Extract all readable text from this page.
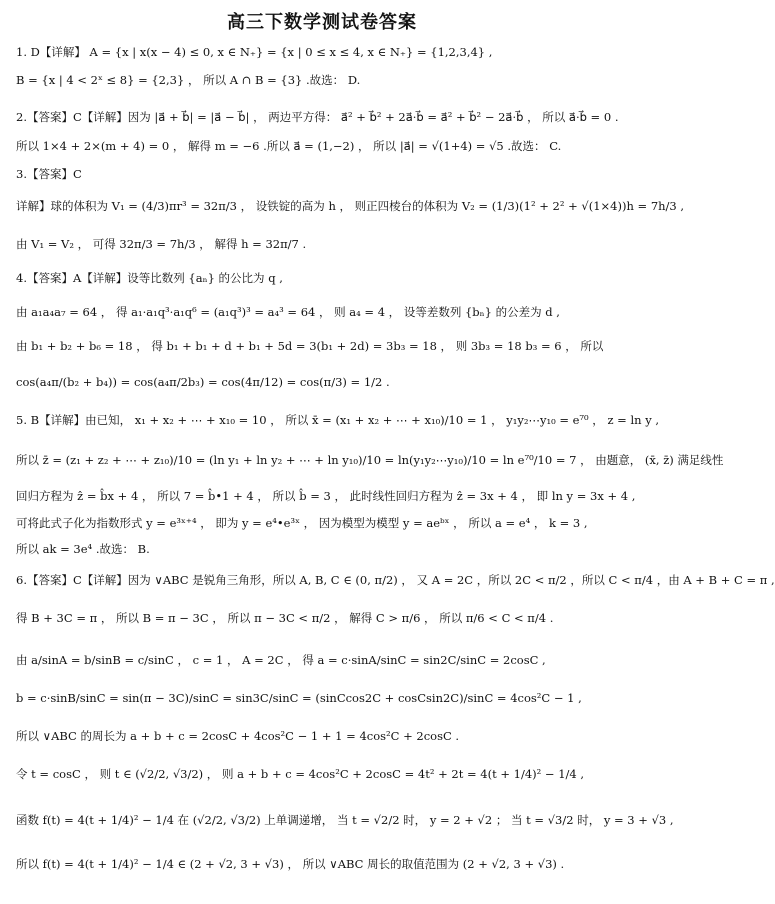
高三下数学测试卷答案
1. D【详解】 A = {x | x(x − 4) ≤ 0, x ∈ N₊} = {x | 0 ≤ x ≤ 4, x ∈ N₊} = {1,2,3,4} ,
B = {x | 4 < 2ˣ ≤ 8} = {2,3} ， 所以 A ∩ B = {3} .故选： D.
2.【答案】C【详解】因为 |a⃗ + b⃗| = |a⃗ − b⃗| ， 两边平方得： a⃗² + b⃗² + 2a⃗·b⃗ = a⃗² + b⃗² − 2a⃗·b⃗ ， 所以 a⃗·b⃗ = 0 .
所以 1×4 + 2×(m + 4) = 0 ， 解得 m = −6 .所以 a⃗ = (1,−2) ， 所以 |a⃗| = √(1+4) = √5 .故选： C.
3.【答案】C
详解】球的体积为 V₁ = (4/3)πr³ = 32π/3 ， 设铁锭的高为 h ， 则正四棱台的体积为 V₂ = (1/3)(1² + 2² + √(1×4))h = 7h/3 ,
由 V₁ = V₂ ， 可得 32π/3 = 7h/3 ， 解得 h = 32π/7 .
4.【答案】A【详解】设等比数列 {aₙ} 的公比为 q ,
由 a₁a₄a₇ = 64 ， 得 a₁·a₁q³·a₁q⁶ = (a₁q³)³ = a₄³ = 64 ， 则 a₄ = 4 ， 设等差数列 {bₙ} 的公差为 d ,
由 b₁ + b₂ + b₆ = 18 ， 得 b₁ + b₁ + d + b₁ + 5d = 3(b₁ + 2d) = 3b₃ = 18 ， 则 3b₃ = 18 b₃ = 6 ， 所以
cos(a₄π/(b₂ + b₄)) = cos(a₄π/2b₃) = cos(4π/12) = cos(π/3) = 1/2 .
5. B【详解】由已知， x₁ + x₂ + ⋯ + x₁₀ = 10 ， 所以 x̄ = (x₁ + x₂ + ⋯ + x₁₀)/10 = 1 ， y₁y₂⋯y₁₀ = e⁷⁰ ， z = ln y ,
所以 z̄ = (z₁ + z₂ + ⋯ + z₁₀)/10 = (ln y₁ + ln y₂ + ⋯ + ln y₁₀)/10 = ln(y₁y₂⋯y₁₀)/10 = ln e⁷⁰/10 = 7 ， 由题意， (x̄, z̄) 满足线性
回归方程为 ẑ = b̂x + 4 ， 所以 7 = b̂•1 + 4 ， 所以 b̂ = 3 ， 此时线性回归方程为 ẑ = 3x + 4 ， 即 ln y = 3x + 4 ,
可将此式子化为指数形式 y = e³ˣ⁺⁴ ， 即为 y = e⁴•e³ˣ ， 因为模型为模型 y = aeᵇˣ ， 所以 a = e⁴ ， k = 3 ,
所以 ak = 3e⁴ .故选： B.
6.【答案】C【详解】因为 ∨ABC 是锐角三角形，所以 A, B, C ∈ (0, π/2) ， 又 A = 2C ，所以 2C < π/2 ，所以 C < π/4 ，由 A + B + C = π ,
得 B + 3C = π ， 所以 B = π − 3C ， 所以 π − 3C < π/2 ， 解得 C > π/6 ， 所以 π/6 < C < π/4 .
由 a/sinA = b/sinB = c/sinC ， c = 1 ， A = 2C ， 得 a = c·sinA/sinC = sin2C/sinC = 2cosC ,
b = c·sinB/sinC = sin(π − 3C)/sinC = sin3C/sinC = (sinCcos2C + cosCsin2C)/sinC = 4cos²C − 1 ,
所以 ∨ABC 的周长为 a + b + c = 2cosC + 4cos²C − 1 + 1 = 4cos²C + 2cosC .
令 t = cosC ， 则 t ∈ (√2/2, √3/2) ， 则 a + b + c = 4cos²C + 2cosC = 4t² + 2t = 4(t + 1/4)² − 1/4 ,
函数 f(t) = 4(t + 1/4)² − 1/4 在 (√2/2, √3/2) 上单调递增， 当 t = √2/2 时， y = 2 + √2 ； 当 t = √3/2 时， y = 3 + √3 ,
所以 f(t) = 4(t + 1/4)² − 1/4 ∈ (2 + √2, 3 + √3) ， 所以 ∨ABC 周长的取值范围为 (2 + √2, 3 + √3) .
